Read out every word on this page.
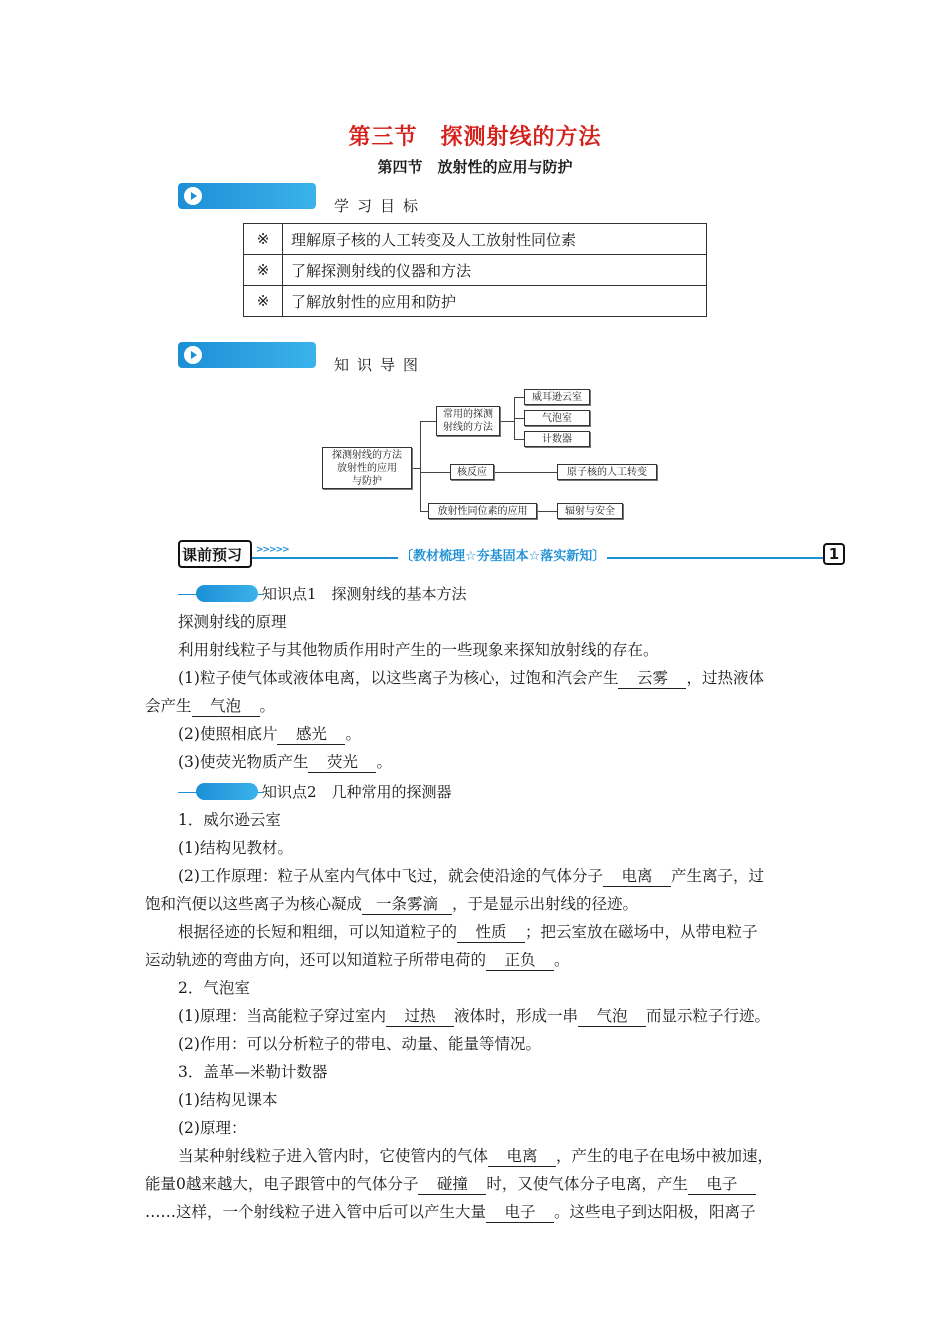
第三节　探测射线的方法
第四节　放射性的应用与防护
学习目标
※	理解原子核的人工转变及人工放射性同位素
※	了解探测射线的仪器和方法
※	了解放射性的应用和防护
知识导图
探测射线的方法
放射性的应用
与防护
常用的探测
射线的方法
威耳逊云室
气泡室
计数器
核反应	原子核的人工转变
放射性同位素的应用	辐射与安全
课前预习 >>>>>	〔教材梳理☆夯基固本☆落实新知〕	1
知识点1　探测射线的基本方法
探测射线的原理
利用射线粒子与其他物质作用时产生的一些现象来探知放射线的存在。
(1)粒子使气体或液体电离，以这些离子为核心，过饱和汽会产生 云雾 ，过热液体
会产生 气泡 。
(2)使照相底片 感光 。
(3)使荧光物质产生 荧光 。
知识点2　几种常用的探测器
1．威尔逊云室
(1)结构见教材。
(2)工作原理：粒子从室内气体中飞过，就会使沿途的气体分子 电离 产生离子，过
饱和汽便以这些离子为核心凝成 一条雾滴 ，于是显示出射线的径迹。
根据径迹的长短和粗细，可以知道粒子的 性质 ；把云室放在磁场中，从带电粒子
运动轨迹的弯曲方向，还可以知道粒子所带电荷的 正负 。
2．气泡室
(1)原理：当高能粒子穿过室内 过热 液体时，形成一串 气泡 而显示粒子行迹。
(2)作用：可以分析粒子的带电、动量、能量等情况。
3．盖革—米勒计数器
(1)结构见课本
(2)原理：
当某种射线粒子进入管内时，它使管内的气体 电离 ，产生的电子在电场中被加速，
能量0越来越大，电子跟管中的气体分子 碰撞 时，又使气体分子电离，产生 电子
……这样，一个射线粒子进入管中后可以产生大量 电子 。这些电子到达阳极，阳离子
